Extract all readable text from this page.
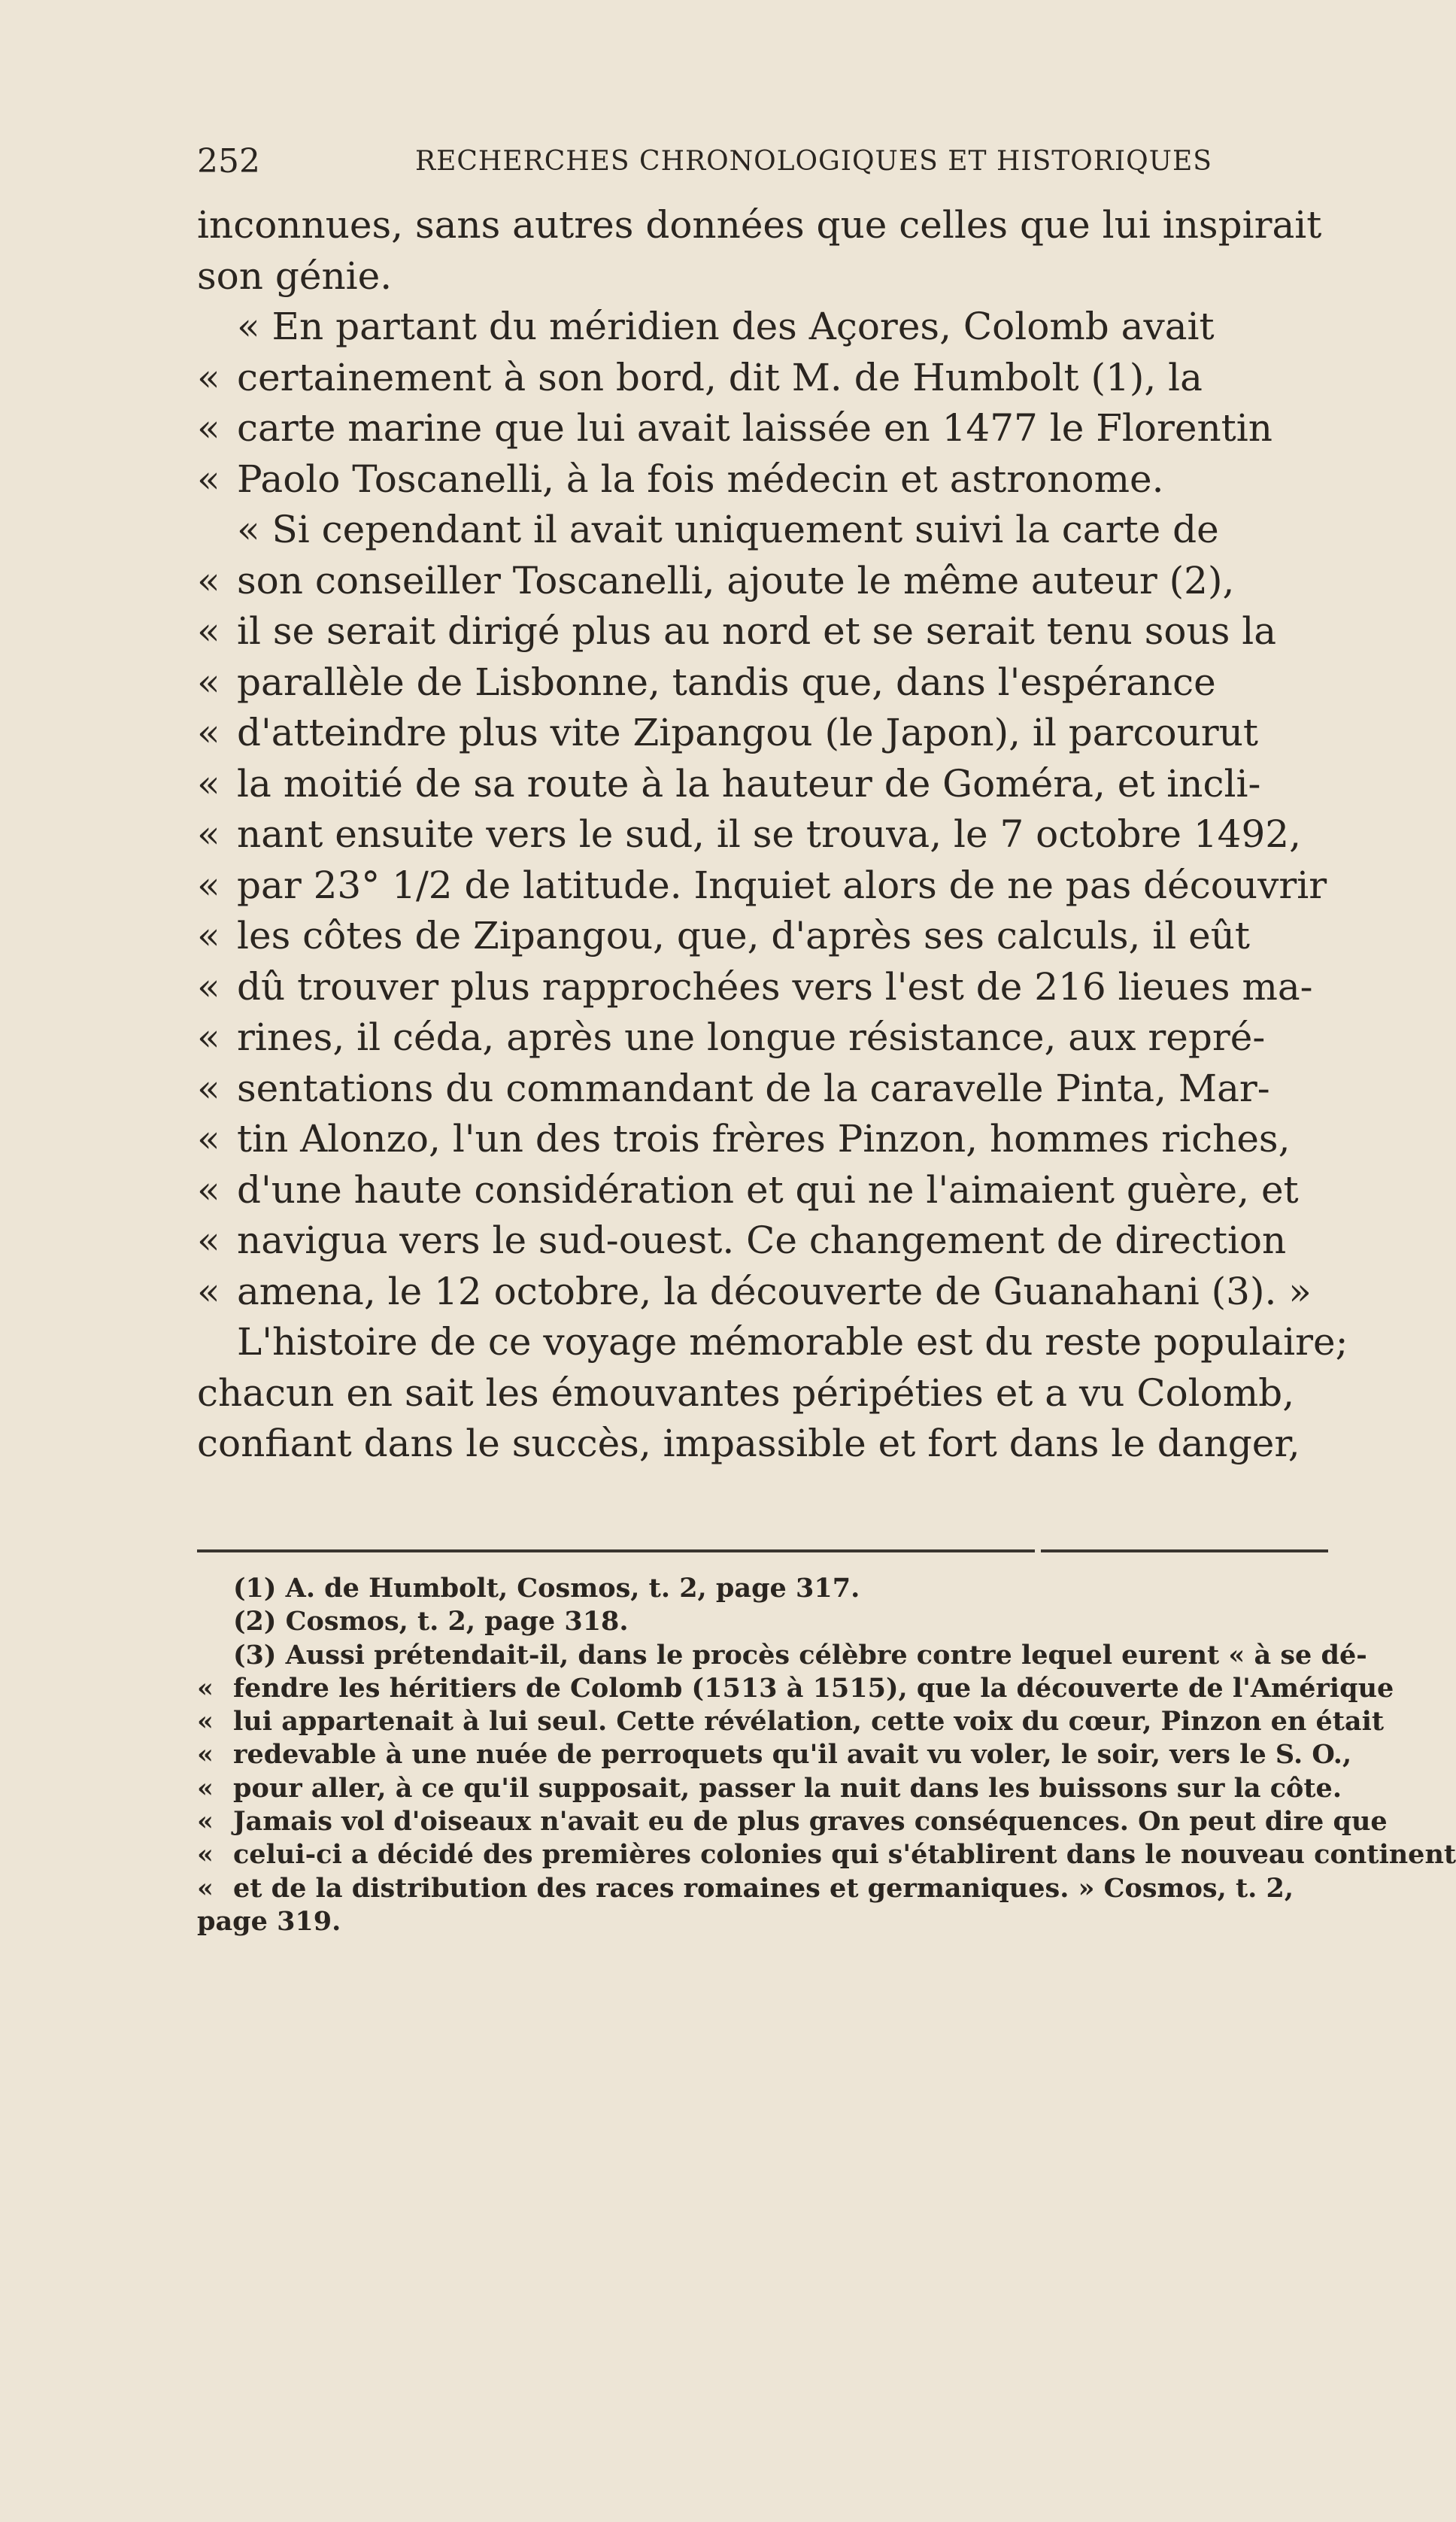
252	RECHERCHES CHRONOLOGIQUES ET HISTORIQUES
inconnues, sans autres données que celles que lui inspirait
son génie.
« En partant du méridien des Açores, Colomb avait
« certainement à son bord, dit M. de Humbolt (1), la
« carte marine que lui avait laissée en 1477 le Florentin
« Paolo Toscanelli, à la fois médecin et astronome.
« Si cependant il avait uniquement suivi la carte de
« son conseiller Toscanelli, ajoute le même auteur (2),
« il se serait dirigé plus au nord et se serait tenu sous la
« parallèle de Lisbonne, tandis que, dans l'espérance
« d'atteindre plus vite Zipangou (le Japon), il parcourut
« la moitié de sa route à la hauteur de Goméra, et incli-
« nant ensuite vers le sud, il se trouva, le 7 octobre 1492,
« par 23° 1/2 de latitude. Inquiet alors de ne pas découvrir
« les côtes de Zipangou, que, d'après ses calculs, il eût
« dû trouver plus rapprochées vers l'est de 216 lieues ma-
« rines, il céda, après une longue résistance, aux repré-
« sentations du commandant de la caravelle Pinta, Mar-
« tin Alonzo, l'un des trois frères Pinzon, hommes riches,
« d'une haute considération et qui ne l'aimaient guère, et
« navigua vers le sud-ouest. Ce changement de direction
« amena, le 12 octobre, la découverte de Guanahani (3). »
L'histoire de ce voyage mémorable est du reste populaire;
chacun en sait les émouvantes péripéties et a vu Colomb,
confiant dans le succès, impassible et fort dans le danger,
(1) A. de Humbolt, Cosmos, t. 2, page 317.
(2) Cosmos, t. 2, page 318.
(3) Aussi prétendait-il, dans le procès célèbre contre lequel eurent « à se dé-
« fendre les héritiers de Colomb (1513 à 1515), que la découverte de l'Amérique
« lui appartenait à lui seul. Cette révélation, cette voix du cœur, Pinzon en était
« redevable à une nuée de perroquets qu'il avait vu voler, le soir, vers le S. O.,
« pour aller, à ce qu'il supposait, passer la nuit dans les buissons sur la côte.
« Jamais vol d'oiseaux n'avait eu de plus graves conséquences. On peut dire que
« celui-ci a décidé des premières colonies qui s'établirent dans le nouveau continent
« et de la distribution des races romaines et germaniques. » Cosmos, t. 2,
page 319.
